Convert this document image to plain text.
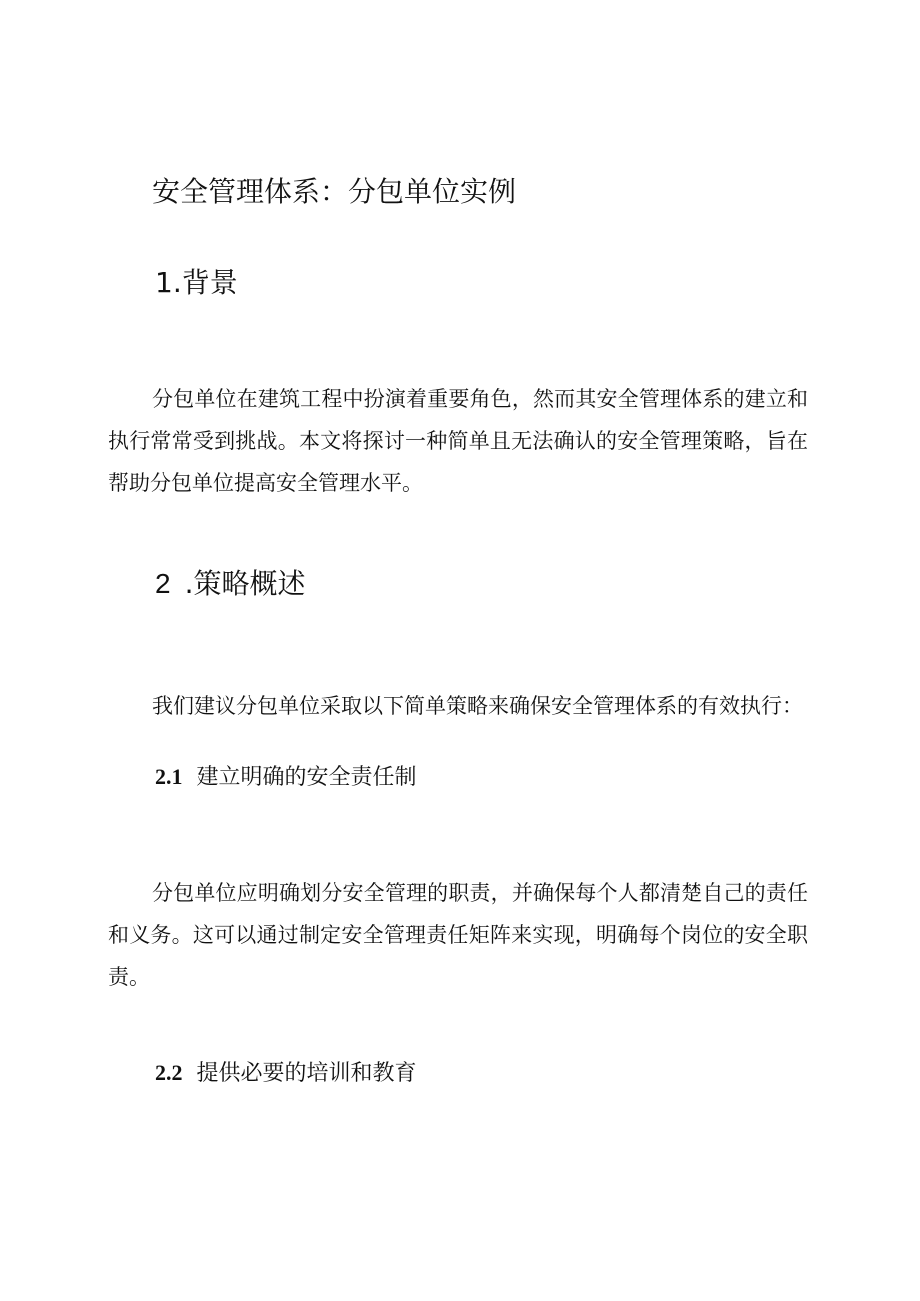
安全管理体系：分包单位实例
1.背景

分包单位在建筑工程中扮演着重要角色，然而其安全管理体系的建立和执行常常受到挑战。本文将探讨一种简单且无法确认的安全管理策略，旨在帮助分包单位提高安全管理水平。

2 .策略概述

我们建议分包单位采取以下简单策略来确保安全管理体系的有效执行：

2.1 建立明确的安全责任制

分包单位应明确划分安全管理的职责，并确保每个人都清楚自己的责任和义务。这可以通过制定安全管理责任矩阵来实现，明确每个岗位的安全职责。

2.2 提供必要的培训和教育
